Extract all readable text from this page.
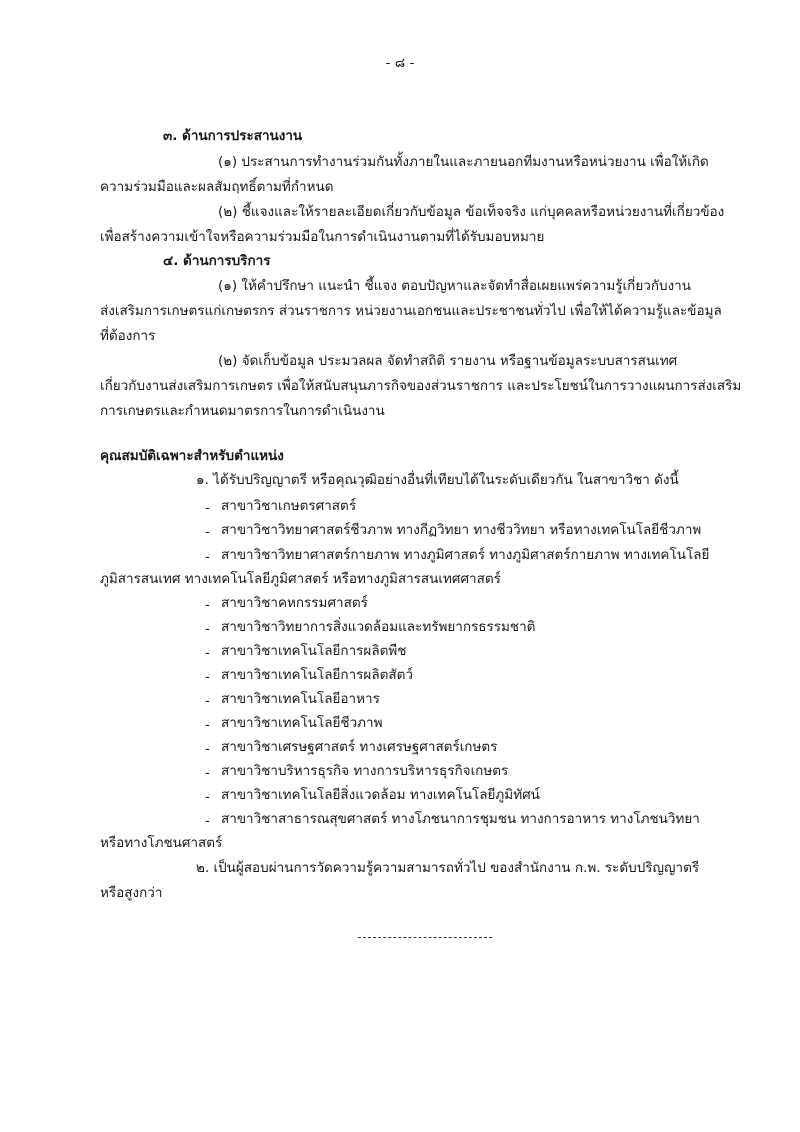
- ๘ -
๓. ด้านการประสานงาน
(๑) ประสานการทำงานร่วมกันทั้งภายในและภายนอกทีมงานหรือหน่วยงาน เพื่อให้เกิด
ความร่วมมือและผลสัมฤทธิ์ตามที่กำหนด
(๒) ชี้แจงและให้รายละเอียดเกี่ยวกับข้อมูล ข้อเท็จจริง แก่บุคคลหรือหน่วยงานที่เกี่ยวข้อง
เพื่อสร้างความเข้าใจหรือความร่วมมือในการดำเนินงานตามที่ได้รับมอบหมาย
๔. ด้านการบริการ
(๑) ให้คำปรึกษา แนะนำ ชี้แจง ตอบปัญหาและจัดทำสื่อเผยแพร่ความรู้เกี่ยวกับงาน
ส่งเสริมการเกษตรแก่เกษตรกร ส่วนราชการ หน่วยงานเอกชนและประชาชนทั่วไป เพื่อให้ได้ความรู้และข้อมูล
ที่ต้องการ
(๒) จัดเก็บข้อมูล ประมวลผล จัดทำสถิติ รายงาน หรือฐานข้อมูลระบบสารสนเทศ
เกี่ยวกับงานส่งเสริมการเกษตร เพื่อให้สนับสนุนภารกิจของส่วนราชการ และประโยชน์ในการวางแผนการส่งเสริม
การเกษตรและกำหนดมาตรการในการดำเนินงาน
คุณสมบัติเฉพาะสำหรับตำแหน่ง
๑. ได้รับปริญญาตรี หรือคุณวุฒิอย่างอื่นที่เทียบได้ในระดับเดียวกัน ในสาขาวิชา ดังนี้
- สาขาวิชาเกษตรศาสตร์
- สาขาวิชาวิทยาศาสตร์ชีวภาพ ทางกีฏวิทยา ทางชีววิทยา หรือทางเทคโนโลยีชีวภาพ
- สาขาวิชาวิทยาศาสตร์กายภาพ ทางภูมิศาสตร์ ทางภูมิศาสตร์กายภาพ ทางเทคโนโลยี
ภูมิสารสนเทศ ทางเทคโนโลยีภูมิศาสตร์ หรือทางภูมิสารสนเทศศาสตร์
- สาขาวิชาคหกรรมศาสตร์
- สาขาวิชาวิทยาการสิ่งแวดล้อมและทรัพยากรธรรมชาติ
- สาขาวิชาเทคโนโลยีการผลิตพืช
- สาขาวิชาเทคโนโลยีการผลิตสัตว์
- สาขาวิชาเทคโนโลยีอาหาร
- สาขาวิชาเทคโนโลยีชีวภาพ
- สาขาวิชาเศรษฐศาสตร์ ทางเศรษฐศาสตร์เกษตร
- สาขาวิชาบริหารธุรกิจ ทางการบริหารธุรกิจเกษตร
- สาขาวิชาเทคโนโลยีสิ่งแวดล้อม ทางเทคโนโลยีภูมิทัศน์
- สาขาวิชาสาธารณสุขศาสตร์ ทางโภชนาการชุมชน ทางการอาหาร ทางโภชนวิทยา
หรือทางโภชนศาสตร์
๒. เป็นผู้สอบผ่านการวัดความรู้ความสามารถทั่วไป ของสำนักงาน ก.พ. ระดับปริญญาตรี
หรือสูงกว่า
